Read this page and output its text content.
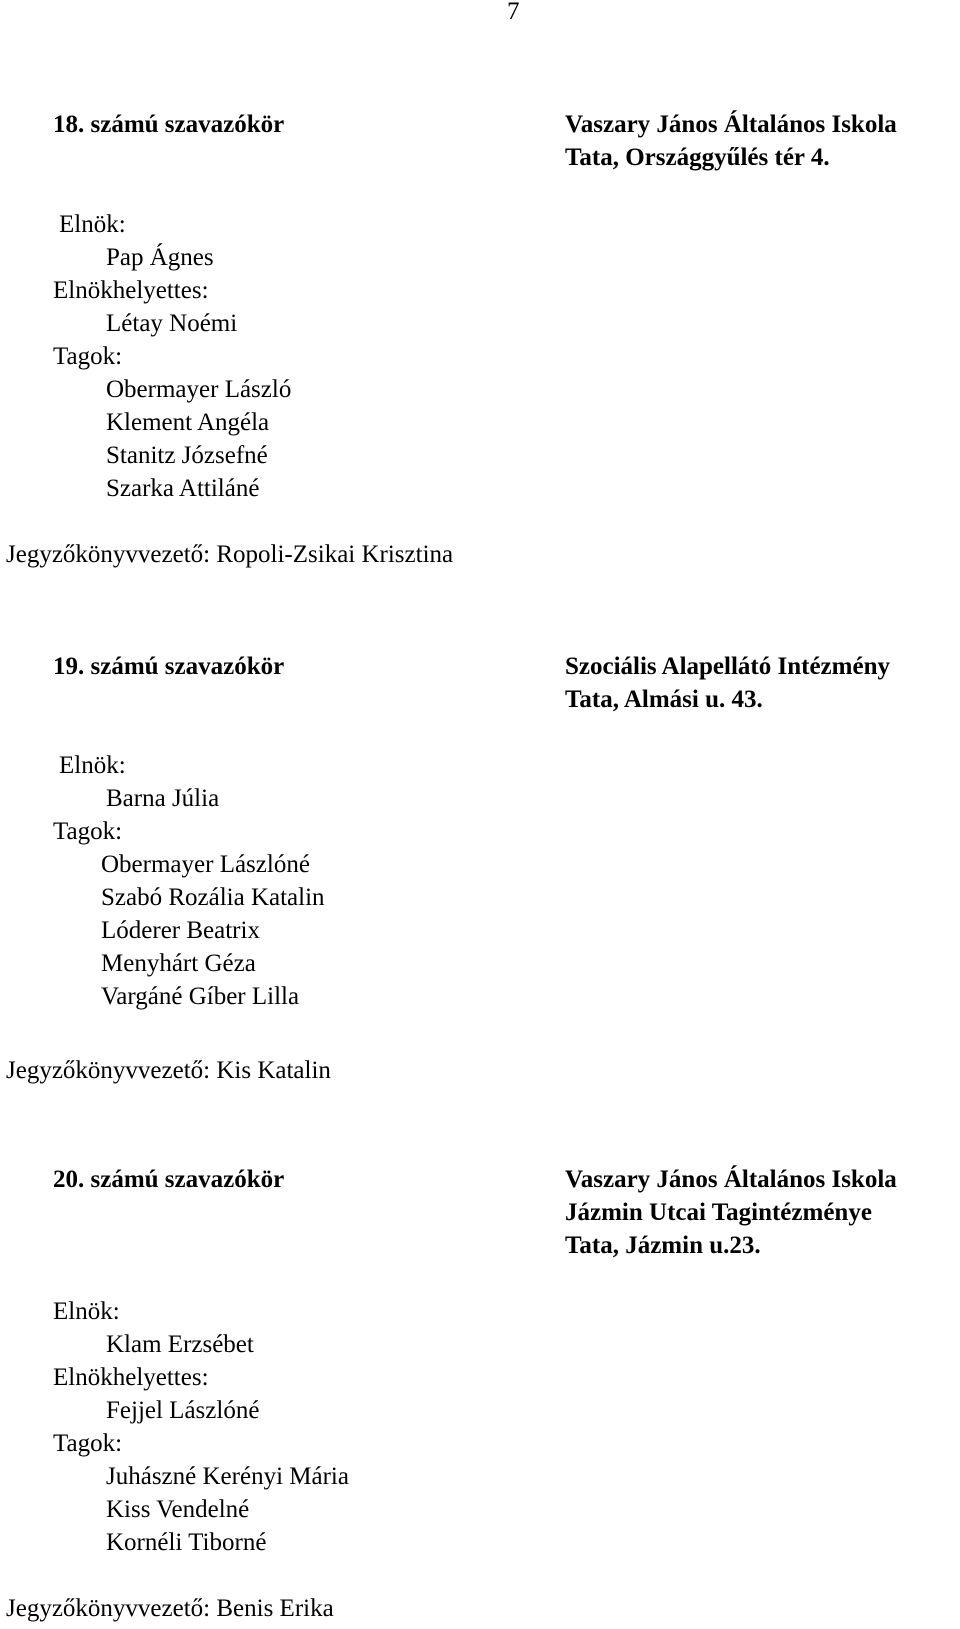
7
18. számú szavazókör	Vaszary János Általános Iskola
Tata, Országgyűlés tér 4.
Elnök:
Pap Ágnes
Elnökhelyettes:
Létay Noémi
Tagok:
Obermayer László
Klement Angéla
Stanitz Józsefné
Szarka Attiláné
Jegyzőkönyvvezető: Ropoli-Zsikai Krisztina
19. számú szavazókör	Szociális Alapellátó Intézmény
Tata, Almási u. 43.
Elnök:
Barna Júlia
Tagok:
Obermayer Lászlóné
Szabó Rozália Katalin
Lóderer Beatrix
Menyhárt Géza
Vargáné Gíber Lilla
Jegyzőkönyvvezető: Kis Katalin
20. számú szavazókör	Vaszary János Általános Iskola
Jázmin Utcai Tagintézménye
Tata, Jázmin u.23.
Elnök:
Klam Erzsébet
Elnökhelyettes:
Fejjel Lászlóné
Tagok:
Juhászné Kerényi Mária
Kiss Vendelné
Kornéli Tiborné
Jegyzőkönyvvezető: Benis Erika
